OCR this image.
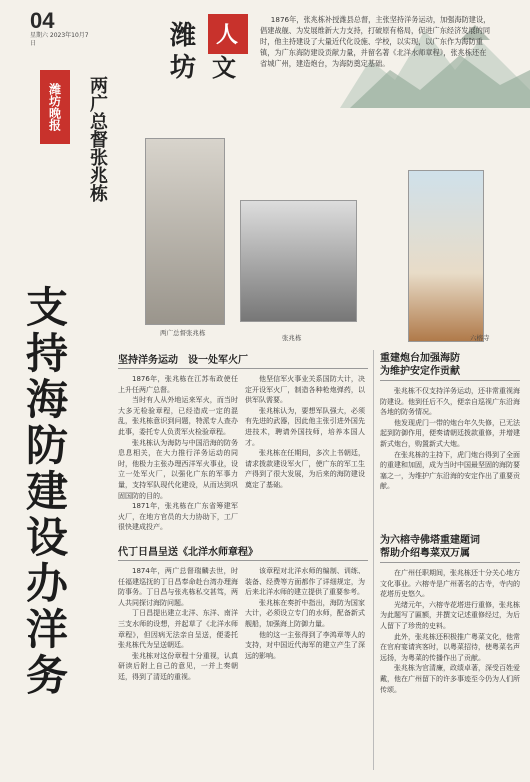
04
星期六 2023年10月7日
潍坊晚报	两广总督张兆栋
潍 人
坊 文
1876年，张兆栋补授潍县总督，主张坚持洋务运动，加强海防建设，倡建战舰、为发展维新大力支持，打破原有格局，促进广东经济发展的同时，他主持建设了大量近代化设施、学校，以实现，以广东作为海防重镇，为广东海防建设贡献力量，并留名著《北洋水师章程》，张兆栋还在省城广州，建造炮台，为海防奠定基础。
支持海防建设办洋务	两广总督张兆栋
张兆栋	六榕寺
坚持洋务运动　设一处军火厂

1876年，张兆栋在江苏布政使任上升任两广总督。

当时有人从外地运来军火，而当时大多无检验章程，已经造成一定的混乱，张兆栋意识到问题，特派专人查办此事，委托专人负责军火检验章程。

张兆栋认为海防与中国沿海的防务息息相关，在大力推行洋务运动的同时，他极力主张办理西洋军火事业，设立一处军火厂，以强化广东的军事力量，支持军队现代化建设，从而达到巩固国防的目的。

1871年，张兆栋在广东省筹建军火厂，在地方官员的大力协助下，工厂很快建成投产。

他坚信军火事业关系国防大计，决定开设军火厂，制造各种枪炮弹药，以供军队需要。

张兆栋认为，要想军队强大，必须有先进的武器，因此他主张引进外国先进技术，聘请外国技师，培养本国人才。

张兆栋在任期间，多次上书朝廷，请求拨款建设军火厂，使广东的军工生产得到了很大发展，为后来的海防建设奠定了基础。

代丁日昌呈送《北洋水师章程》

1874年，两广总督瑞麟去世，时任福建巡抚的丁日昌奉命赴台湾办理海防事务。丁日昌与张兆栋私交甚笃，两人共同探讨海防问题。

丁日昌提出建立北洋、东洋、南洋三支水师的设想，并起草了《北洋水师章程》，但因病无法亲自呈送，便委托张兆栋代为呈送朝廷。

张兆栋对这份章程十分重视，认真研读后附上自己的意见，一并上奏朝廷，得到了清廷的重视。

该章程对北洋水师的编制、训练、装备、经费等方面都作了详细规定，为后来北洋水师的建立提供了重要参考。

张兆栋在奏折中指出，海防为国家大计，必须设立专门的水师，配备新式舰船，加强海上防御力量。

他的这一主张得到了李鸿章等人的支持，对中国近代海军的建立产生了深远的影响。

重建炮台加强海防
为维护安定作贡献

张兆栋不仅支持洋务运动，还非常重视海防建设。他到任后不久，便亲自巡视广东沿海各地的防务情况。

他发现虎门一带的炮台年久失修，已无法起到防御作用，便奏请朝廷拨款重修，并增建新式炮台，购置新式大炮。

在张兆栋的主持下，虎门炮台得到了全面的重建和加固，成为当时中国最坚固的海防要塞之一，为维护广东沿海的安定作出了重要贡献。

为六榕寺佛塔重建题词
帮助介绍粤菜双万属

在广州任职期间，张兆栋还十分关心地方文化事业。六榕寺是广州著名的古寺，寺内的花塔历史悠久。

光绪元年，六榕寺花塔进行重修，张兆栋为此题写了匾额，并撰文记述重修经过，为后人留下了珍贵的史料。

此外，张兆栋还积极推广粤菜文化，他常在官府宴请宾客时，以粤菜招待，使粤菜名声远扬，为粤菜的传播作出了贡献。

张兆栋为官清廉，政绩卓著，深受百姓爱戴，他在广州留下的许多事迹至今仍为人们所传颂。
